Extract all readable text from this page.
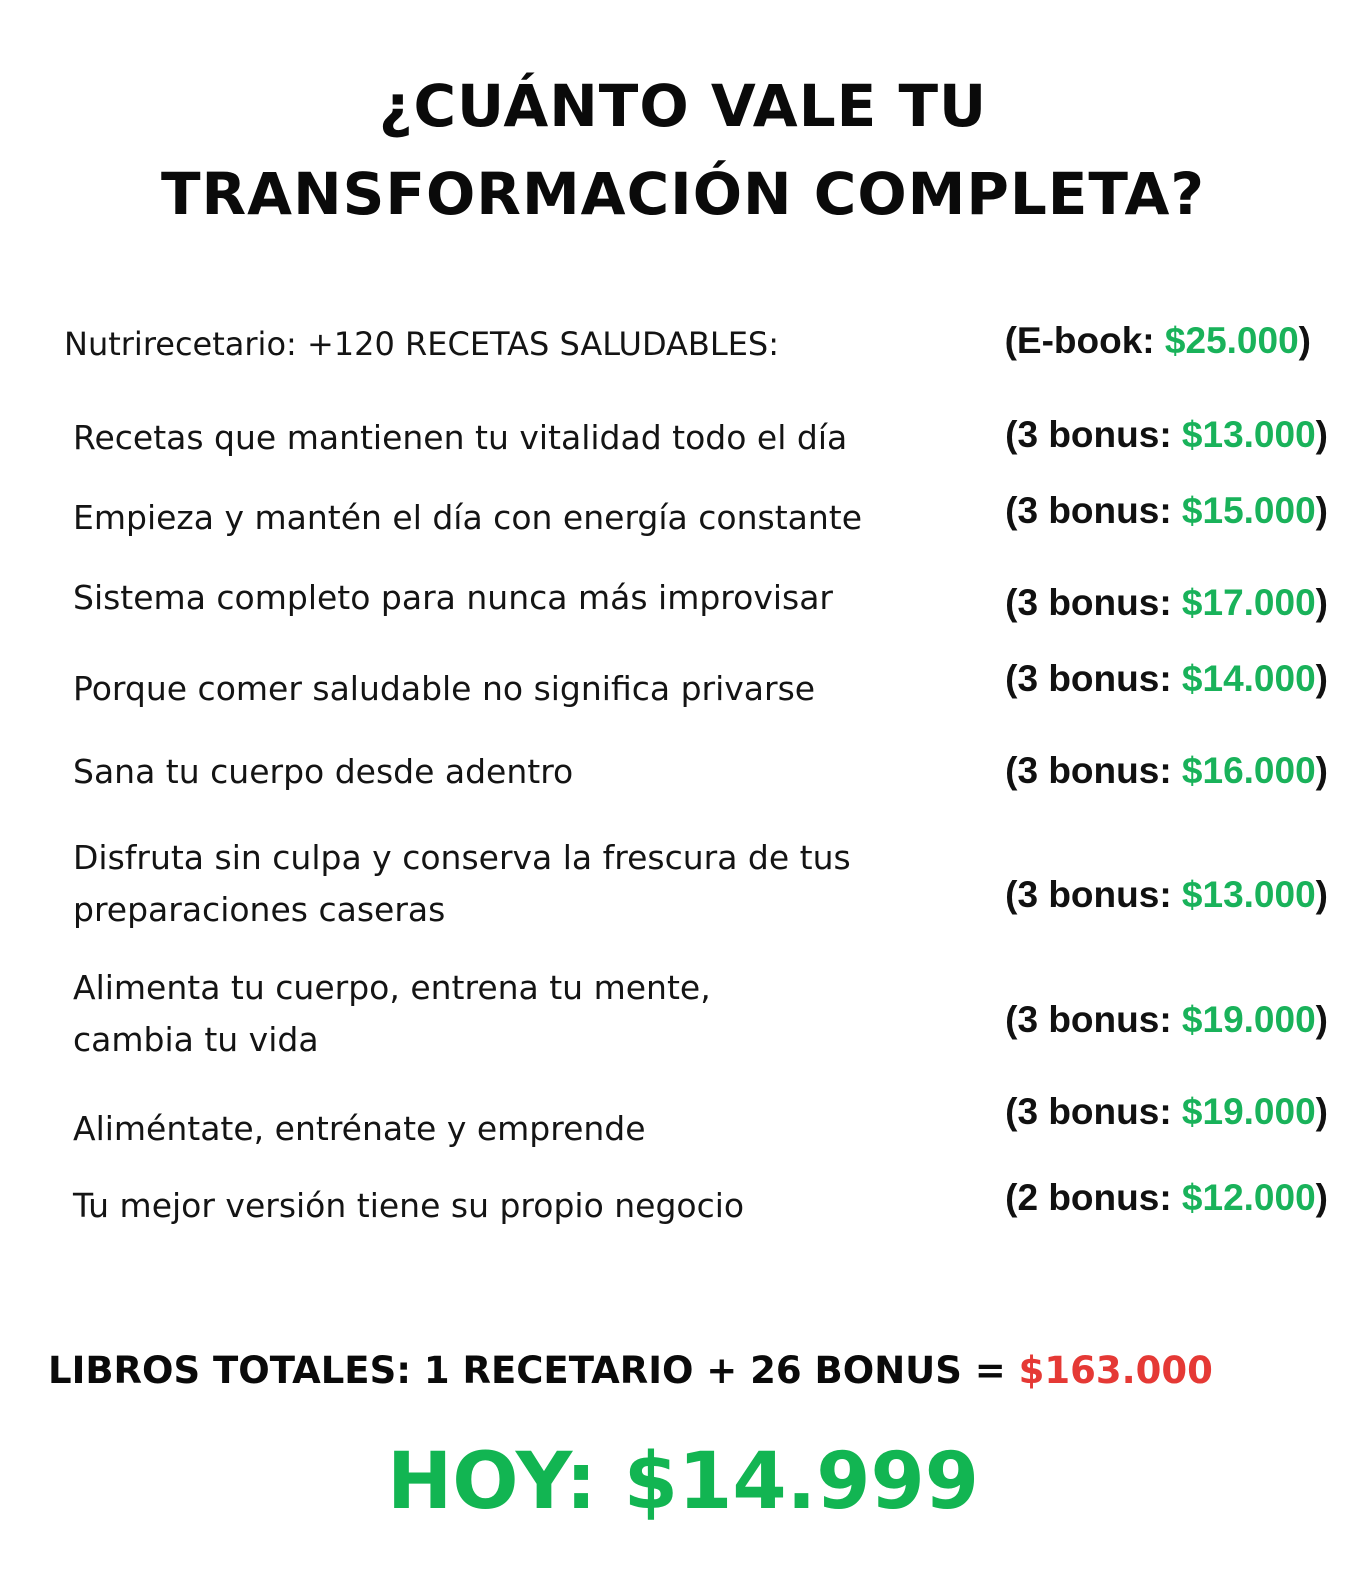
¿CUÁNTO VALE TU
TRANSFORMACIÓN COMPLETA?
Nutrirecetario: +120 RECETAS SALUDABLES:	(E-book: $25.000)
Recetas que mantienen tu vitalidad todo el día	(3 bonus: $13.000)
Empieza y mantén el día con energía constante	(3 bonus: $15.000)
Sistema completo para nunca más improvisar	(3 bonus: $17.000)
Porque comer saludable no significa privarse	(3 bonus: $14.000)
Sana tu cuerpo desde adentro	(3 bonus: $16.000)
Disfruta sin culpa y conserva la frescura de tus
preparaciones caseras	(3 bonus: $13.000)
Alimenta tu cuerpo, entrena tu mente,
cambia tu vida	(3 bonus: $19.000)
Aliméntate, entrénate y emprende	(3 bonus: $19.000)
Tu mejor versión tiene su propio negocio	(2 bonus: $12.000)
LIBROS TOTALES: 1 RECETARIO + 26 BONUS = $163.000
HOY: $14.999
